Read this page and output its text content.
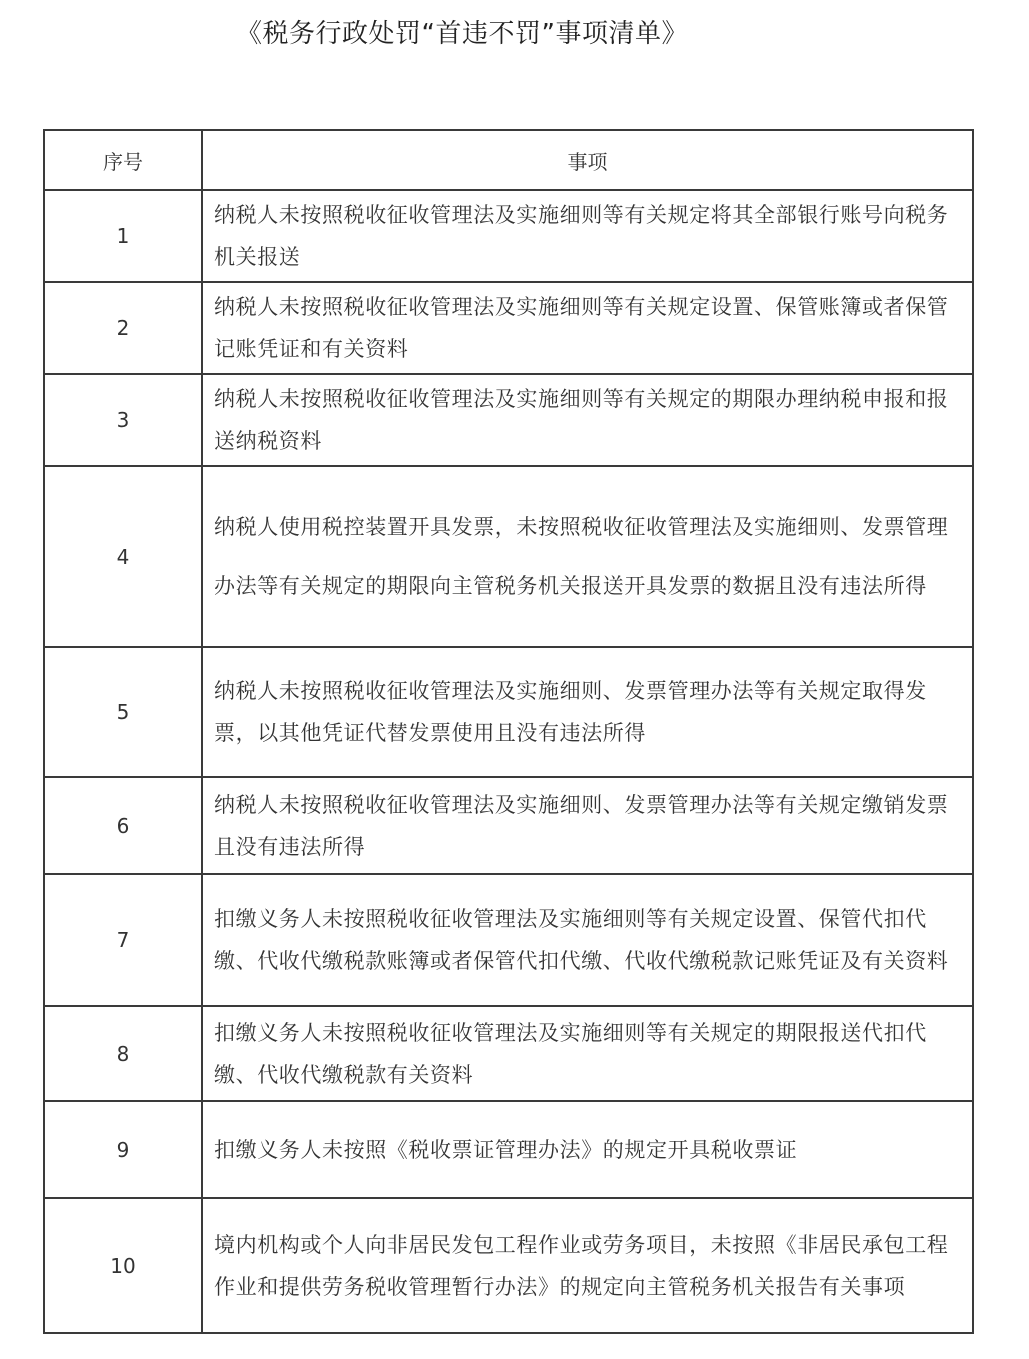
《税务行政处罚“首违不罚”事项清单》
序号	事项
1	纳税人未按照税收征收管理法及实施细则等有关规定将其全部银行账号向税务机关报送
2	纳税人未按照税收征收管理法及实施细则等有关规定设置、保管账簿或者保管记账凭证和有关资料
3	纳税人未按照税收征收管理法及实施细则等有关规定的期限办理纳税申报和报送纳税资料
4	纳税人使用税控装置开具发票，未按照税收征收管理法及实施细则、发票管理办法等有关规定的期限向主管税务机关报送开具发票的数据且没有违法所得
5	纳税人未按照税收征收管理法及实施细则、发票管理办法等有关规定取得发票，以其他凭证代替发票使用且没有违法所得
6	纳税人未按照税收征收管理法及实施细则、发票管理办法等有关规定缴销发票且没有违法所得
7	扣缴义务人未按照税收征收管理法及实施细则等有关规定设置、保管代扣代缴、代收代缴税款账簿或者保管代扣代缴、代收代缴税款记账凭证及有关资料
8	扣缴义务人未按照税收征收管理法及实施细则等有关规定的期限报送代扣代缴、代收代缴税款有关资料
9	扣缴义务人未按照《税收票证管理办法》的规定开具税收票证
10	境内机构或个人向非居民发包工程作业或劳务项目，未按照《非居民承包工程作业和提供劳务税收管理暂行办法》的规定向主管税务机关报告有关事项
